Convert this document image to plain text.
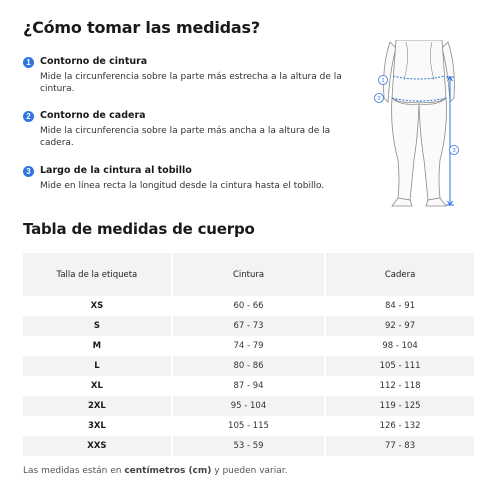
¿Cómo tomar las medidas?
1 Contorno de cintura
Mide la circunferencia sobre la parte más estrecha a la altura de la cintura.
2 Contorno de cadera
Mide la circunferencia sobre la parte más ancha a la altura de la cadera.
3 Largo de la cintura al tobillo
Mide en línea recta la longitud desde la cintura hasta el tobillo.
1
2
3
Tabla de medidas de cuerpo
Talla de la etiqueta	Cintura	Cadera
XS	60 - 66	84 - 91
S	67 - 73	92 - 97
M	74 - 79	98 - 104
L	80 - 86	105 - 111
XL	87 - 94	112 - 118
2XL	95 - 104	119 - 125
3XL	105 - 115	126 - 132
XXS	53 - 59	77 - 83
Las medidas están en centímetros (cm) y pueden variar.
